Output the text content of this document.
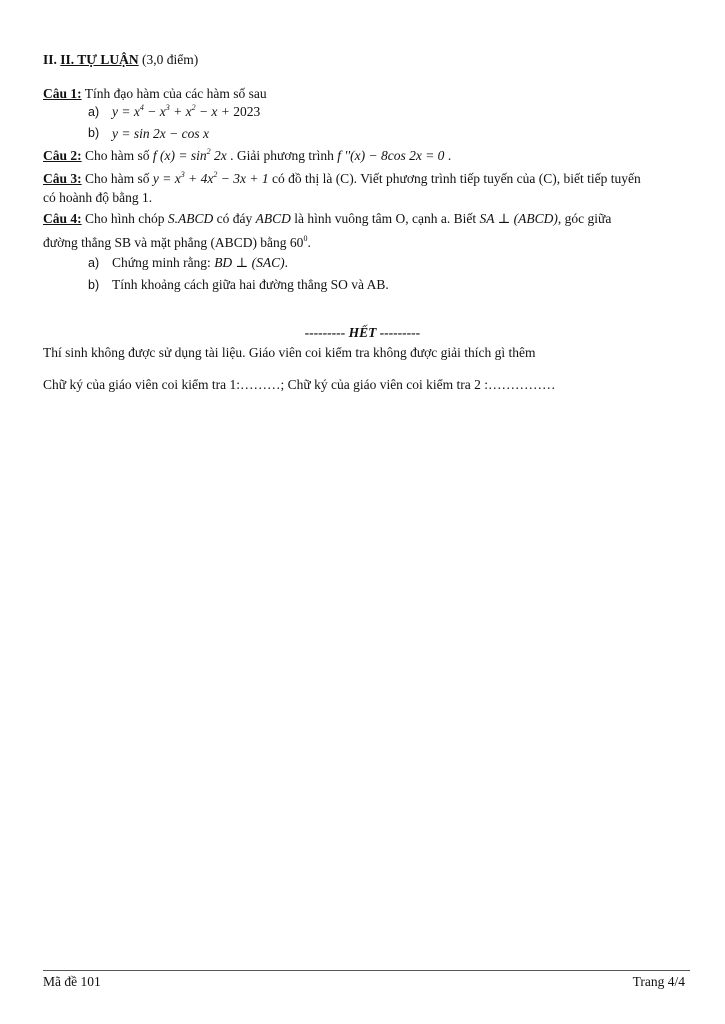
II. II. TỰ LUẬN (3,0 điểm)
Câu 1: Tính đạo hàm của các hàm số sau
a) $y = x^4 - x^3 + x^2 - x + 2023$
b) y = sin 2x − cos x
Câu 2: Cho hàm số f $(x) = \sin^2 2x$ . Giải phương trình f ''(x) − 8cos 2x = 0 .
Câu 3: Cho hàm số $y = x^3 + 4x^2 - 3x + 1$ có đồ thị là (C). Viết phương trình tiếp tuyến của (C), biết tiếp tuyến
có hoành độ bằng 1.
Câu 4: Cho hình chóp S.ABCD có đáy ABCD là hình vuông tâm O, cạnh a. Biết SA ⊥ (ABCD), góc giữa
đường thẳng SB và mặt phẳng (ABCD) bằng $60^0$.
a) Chứng minh rằng: BD ⊥ (SAC).
b) Tính khoảng cách giữa hai đường thẳng SO và AB.
--------- HẾT ---------
Thí sinh không được sử dụng tài liệu. Giáo viên coi kiểm tra không được giải thích gì thêm
Chữ ký của giáo viên coi kiểm tra 1:………; Chữ ký của giáo viên coi kiểm tra 2 :……………
Mã đề 101	Trang 4/4
